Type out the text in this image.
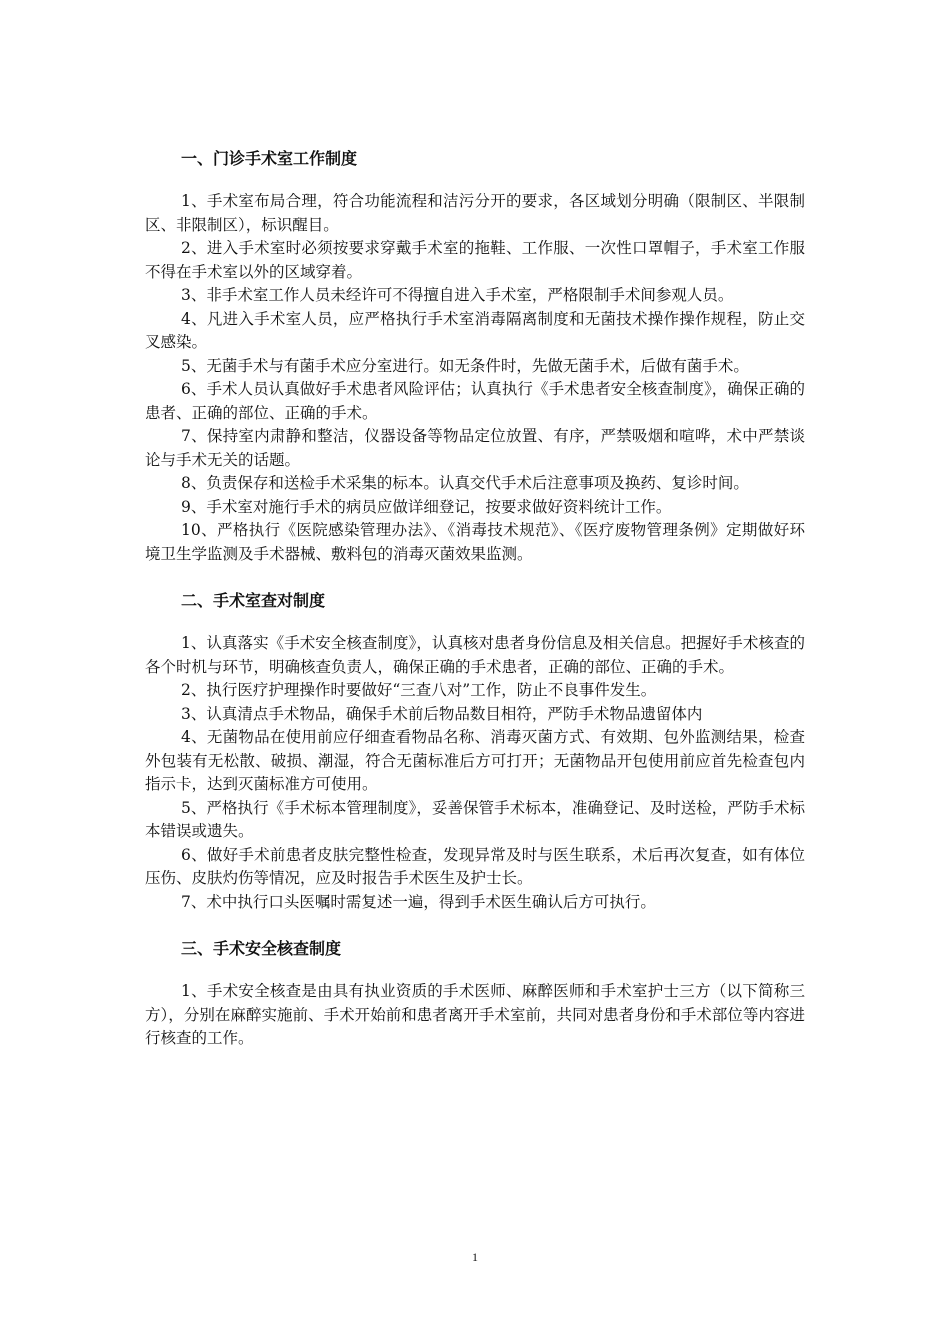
一、门诊手术室工作制度

1、手术室布局合理，符合功能流程和洁污分开的要求，各区域划分明确（限制区、半限制区、非限制区），标识醒目。

2、进入手术室时必须按要求穿戴手术室的拖鞋、工作服、一次性口罩帽子，手术室工作服不得在手术室以外的区域穿着。

3、非手术室工作人员未经许可不得擅自进入手术室，严格限制手术间参观人员。

4、凡进入手术室人员，应严格执行手术室消毒隔离制度和无菌技术操作操作规程，防止交叉感染。

5、无菌手术与有菌手术应分室进行。如无条件时，先做无菌手术，后做有菌手术。

6、手术人员认真做好手术患者风险评估；认真执行《手术患者安全核查制度》，确保正确的患者、正确的部位、正确的手术。

7、保持室内肃静和整洁，仪器设备等物品定位放置、有序，严禁吸烟和喧哗，术中严禁谈论与手术无关的话题。

8、负责保存和送检手术采集的标本。认真交代手术后注意事项及换药、复诊时间。

9、手术室对施行手术的病员应做详细登记，按要求做好资料统计工作。

10、严格执行《医院感染管理办法》、《消毒技术规范》、《医疗废物管理条例》定期做好环境卫生学监测及手术器械、敷料包的消毒灭菌效果监测。

二、手术室查对制度

1、认真落实《手术安全核查制度》，认真核对患者身份信息及相关信息。把握好手术核查的各个时机与环节，明确核查负责人，确保正确的手术患者，正确的部位、正确的手术。

2、执行医疗护理操作时要做好“三查八对”工作，防止不良事件发生。

3、认真清点手术物品，确保手术前后物品数目相符，严防手术物品遗留体内

4、无菌物品在使用前应仔细查看物品名称、消毒灭菌方式、有效期、包外监测结果，检查外包装有无松散、破损、潮湿，符合无菌标准后方可打开；无菌物品开包使用前应首先检查包内指示卡，达到灭菌标准方可使用。

5、严格执行《手术标本管理制度》，妥善保管手术标本，准确登记、及时送检，严防手术标本错误或遗失。

6、做好手术前患者皮肤完整性检查，发现异常及时与医生联系，术后再次复查，如有体位压伤、皮肤灼伤等情况，应及时报告手术医生及护士长。

7、术中执行口头医嘱时需复述一遍，得到手术医生确认后方可执行。

三、手术安全核查制度

1、手术安全核查是由具有执业资质的手术医师、麻醉医师和手术室护士三方（以下简称三方），分别在麻醉实施前、手术开始前和患者离开手术室前，共同对患者身份和手术部位等内容进行核查的工作。

1
